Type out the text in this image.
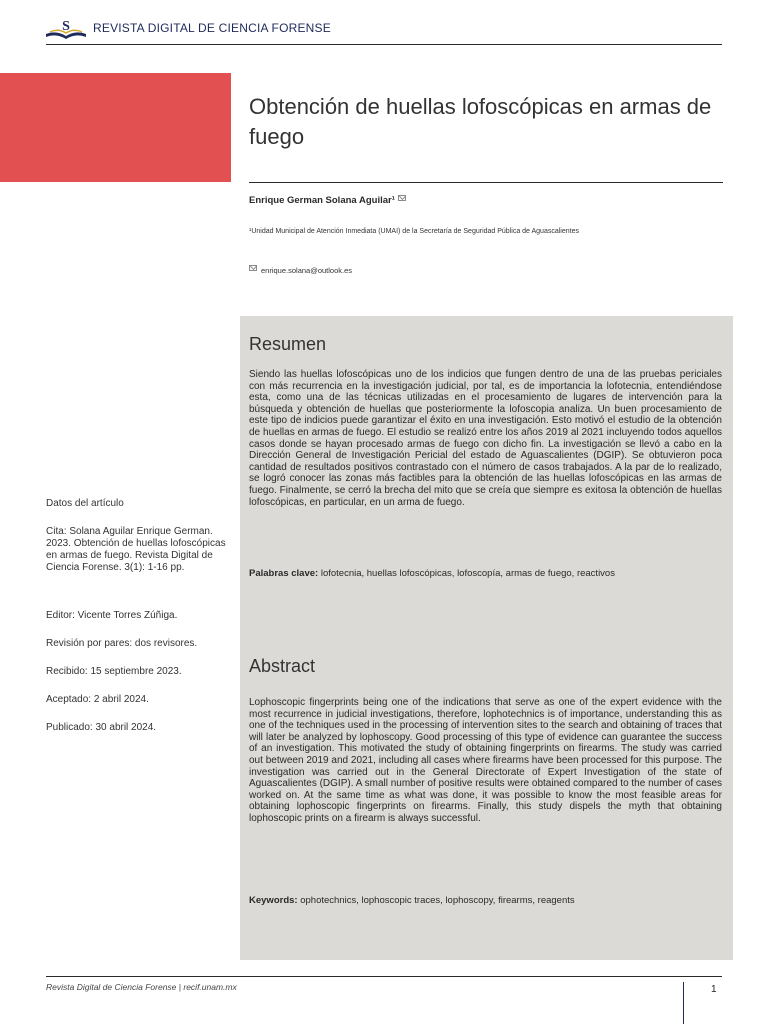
S REVISTA DIGITAL DE CIENCIA FORENSE
Obtención de huellas lofoscópicas en armas de fuego
Enrique German Solana Aguilar¹
¹Unidad Municipal de Atención Inmediata (UMAI) de la Secretaría de Seguridad Pública de Aguascalientes
enrique.solana@outlook.es
Resumen
Siendo las huellas lofoscópicas uno de los indicios que fungen dentro de una de las pruebas periciales con más recurrencia en la investigación judicial, por tal, es de importancia la lofotecnia, entendiéndose esta, como una de las técnicas utilizadas en el procesamiento de lugares de intervención para la búsqueda y obtención de huellas que posteriormente la lofoscopia analiza. Un buen procesamiento de este tipo de indicios puede garantizar el éxito en una investigación. Esto motivó el estudio de la obtención de huellas en armas de fuego. El estudio se realizó entre los años 2019 al 2021 incluyendo todos aquellos casos donde se hayan procesado armas de fuego con dicho fin. La investigación se llevó a cabo en la Dirección General de Investigación Pericial del estado de Aguascalientes (DGIP). Se obtuvieron poca cantidad de resultados positivos contrastado con el número de casos trabajados. A la par de lo realizado, se logró conocer las zonas más factibles para la obtención de las huellas lofoscópicas en las armas de fuego. Finalmente, se cerró la brecha del mito que se creía que siempre es exitosa la obtención de huellas lofoscópicas, en particular, en un arma de fuego.
Palabras clave: lofotecnia, huellas lofoscópicas, lofoscopía, armas de fuego, reactivos
Abstract
Lophoscopic fingerprints being one of the indications that serve as one of the expert evidence with the most recurrence in judicial investigations, therefore, lophotechnics is of importance, understanding this as one of the techniques used in the processing of intervention sites to the search and obtaining of traces that will later be analyzed by lophoscopy. Good processing of this type of evidence can guarantee the success of an investigation. This motivated the study of obtaining fingerprints on firearms. The study was carried out between 2019 and 2021, including all cases where firearms have been processed for this purpose. The investigation was carried out in the General Directorate of Expert Investigation of the state of Aguascalientes (DGIP). A small number of positive results were obtained compared to the number of cases worked on. At the same time as what was done, it was possible to know the most feasible areas for obtaining lophoscopic fingerprints on firearms. Finally, this study dispels the myth that obtaining lophoscopic prints on a firearm is always successful.
Keywords: ophotechnics, lophoscopic traces, lophoscopy, firearms, reagents
Datos del artículo
Cita: Solana Aguilar Enrique German. 2023. Obtención de huellas lofoscópicas en armas de fuego. Revista Digital de Ciencia Forense. 3(1): 1-16 pp.
Editor: Vicente Torres Zúñiga.
Revisión por pares: dos revisores.
Recibido: 15 septiembre 2023.
Aceptado: 2 abril 2024.
Publicado: 30 abril 2024.
Revista Digital de Ciencia Forense | recif.unam.mx	1
